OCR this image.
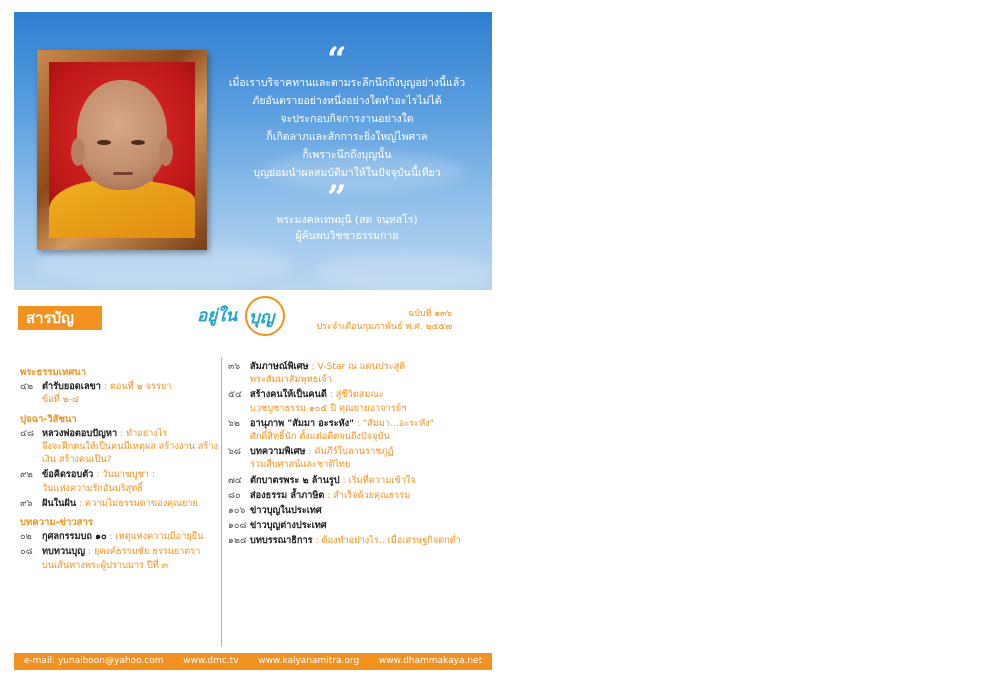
“
เมื่อเราบริจาคทานและตามระลึกนึกถึงบุญอย่างนี้แล้ว
ภัยอันตรายอย่างหนึ่งอย่างใดทำอะไรไม่ได้
จะประกอบกิจการงานอย่างใด
ก็เกิดลาภและสักการะยิ่งใหญ่ไพศาล
ก็เพราะนึกถึงบุญนั้น
บุญย่อมนำผลสมบัติมาให้ในปัจจุบันนี้เทียว
”
พระมงคลเทพมุนี (สด จนฺทสโร)
ผู้ค้นพบวิชชาธรรมกาย
สารบัญ	อยู่ใน บุญ	ฉบับที่ ๑๓๖
ประจำเดือนกุมภาพันธ์ พ.ศ. ๒๕๕๗
พระธรรมเทศนา
๔๒ ตำรับยอดเลขา : ตอนที่ ๒ จรรยา
ข้อที่ ๒-๔
ปุจฉา-วิสัชนา
๔๘ หลวงพ่อตอบปัญหา : ทำอย่างไร
จึงจะฝึกตนให้เป็นคนมีเหตุผล สร้างงาน สร้างเงิน สร้างคนเป็น?
๙๒	ข้อคิดรอบตัว : วันมาฆบูชา :
วันแห่งความรักอันบริสุทธิ์
๙๖	ฝันในฝัน : ความไม่ธรรมดาของคุณยาย
บทความ-ข่าวสาร
๐๒	กุศลกรรมบถ ๑๐ : เหตุแห่งความมีอายุยืน
๐๘	ทบทวนบุญ : ยุคงค์ธรรมชัย ธรรมยาตรา
บนเส้นทางพระผู้ปราบมาร ปีที่ ๓
๓๖	สัมภาษณ์พิเศษ : V-Star ณ แดนประสูติ
พระสัมมาสัมพุทธเจ้า
๕๔ สร้างคนให้เป็นคนดี : สู่ชีวิตสมณะ
บวชบูชาธรรม ๑๐๕ ปี คุณยายอาจารย์ฯ
๖๒	อานุภาพ "สัมมา อะระหัง" : "สัมมา...อะระหัง"
ศักดิ์สิทธิ์นัก ตั้งแต่อดีตจนถึงปัจจุบัน
๖๘ บทความพิเศษ : คัมภีร์ใบลานราชภูฏ์
ร่วมสืบศาสน์และชาติไทย
๗๔ ตักบาตรพระ ๒ ล้านรูป : เริ่มที่ความเข้าใจ
๘๐	ส่องธรรม ล้ำภาษิต : สำเร็จด้วยคุณธรรม
๑๐๖ ข่าวบุญในประเทศ
๑๐๘ ข่าวบุญต่างประเทศ
๑๒๔ บทบรรณาธิการ : ต้องทำอย่างไร.. เมื่อเศรษฐกิจตกต่ำ
e-mail: yunaiboon@yahoo.com www.dmc.tv www.kalyanamitra.org www.dhammakaya.net
